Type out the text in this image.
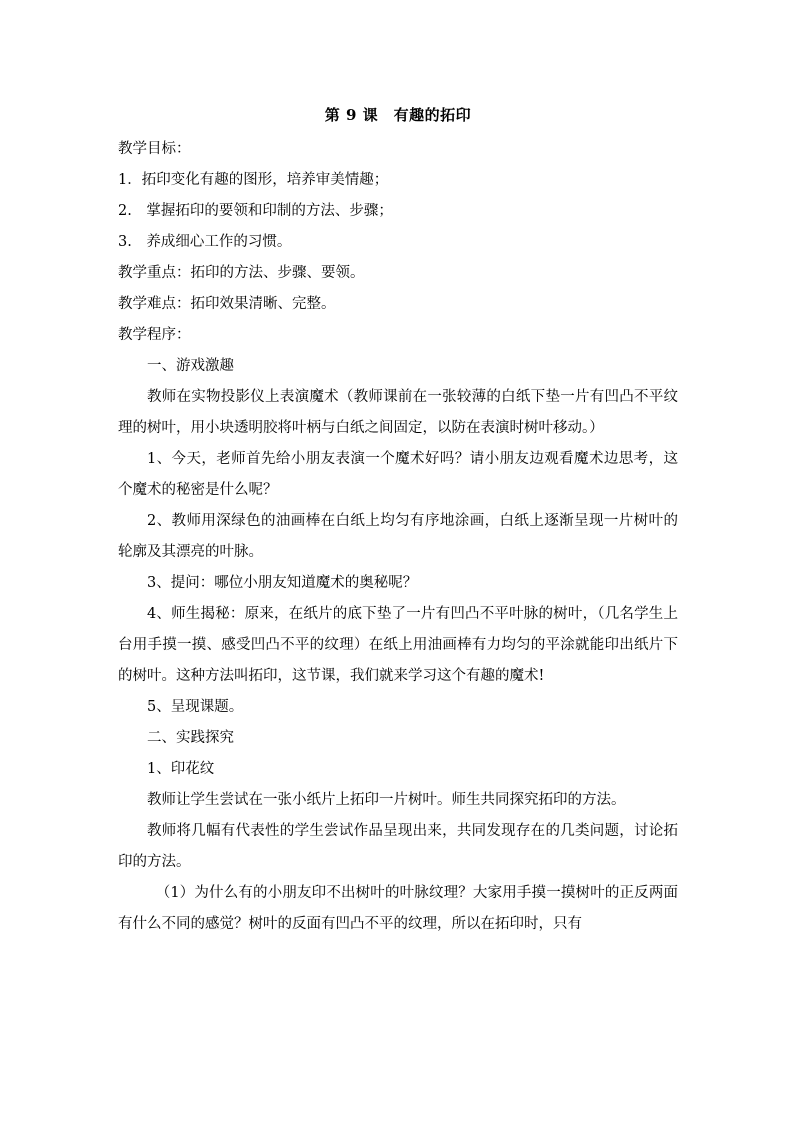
第 9 课　有趣的拓印
教学目标：
1．拓印变化有趣的图形，培养审美情趣；
2.　掌握拓印的要领和印制的方法、步骤；
3.　养成细心工作的习惯。
教学重点：拓印的方法、步骤、要领。
教学难点：拓印效果清晰、完整。
教学程序：
一、游戏激趣

教师在实物投影仪上表演魔术（教师课前在一张较薄的白纸下垫一片有凹凸不平纹理的树叶，用小块透明胶将叶柄与白纸之间固定，以防在表演时树叶移动。）

1、今天，老师首先给小朋友表演一个魔术好吗？请小朋友边观看魔术边思考，这个魔术的秘密是什么呢？

2、教师用深绿色的油画棒在白纸上均匀有序地涂画，白纸上逐渐呈现一片树叶的轮廓及其漂亮的叶脉。

3、提问：哪位小朋友知道魔术的奥秘呢？

4、师生揭秘：原来，在纸片的底下垫了一片有凹凸不平叶脉的树叶，（几名学生上台用手摸一摸、感受凹凸不平的纹理）在纸上用油画棒有力均匀的平涂就能印出纸片下的树叶。这种方法叫拓印，这节课，我们就来学习这个有趣的魔术!

5、呈现课题。

二、实践探究
1、印花纹

教师让学生尝试在一张小纸片上拓印一片树叶。师生共同探究拓印的方法。

教师将几幅有代表性的学生尝试作品呈现出来，共同发现存在的几类问题，讨论拓印的方法。

（1）为什么有的小朋友印不出树叶的叶脉纹理？大家用手摸一摸树叶的正反两面有什么不同的感觉？树叶的反面有凹凸不平的纹理，所以在拓印时，只有
